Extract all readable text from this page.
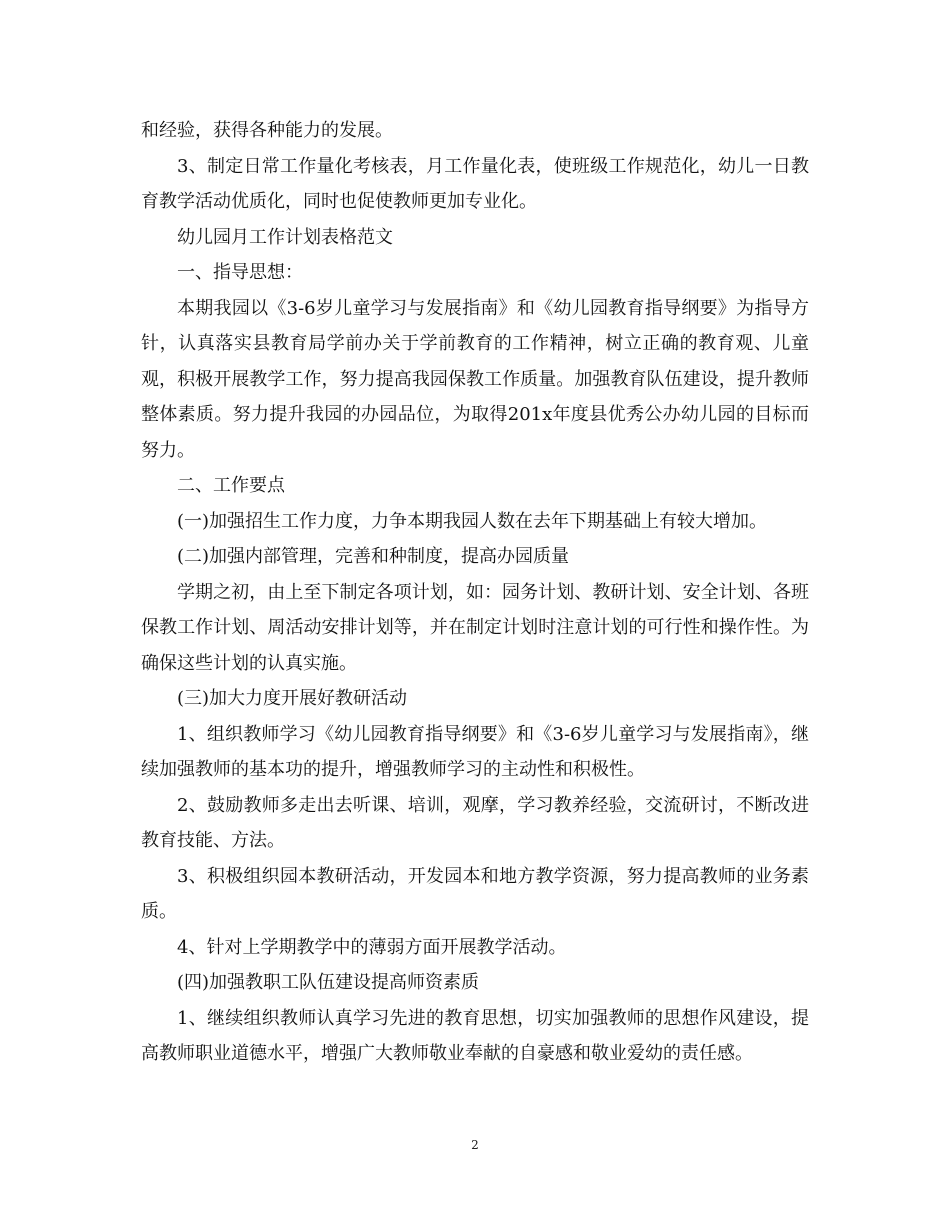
和经验，获得各种能力的发展。

3、制定日常工作量化考核表，月工作量化表，使班级工作规范化，幼儿一日教育教学活动优质化，同时也促使教师更加专业化。

幼儿园月工作计划表格范文

一、指导思想：

本期我园以《3-6岁儿童学习与发展指南》和《幼儿园教育指导纲要》为指导方针，认真落实县教育局学前办关于学前教育的工作精神，树立正确的教育观、儿童观，积极开展教学工作，努力提高我园保教工作质量。加强教育队伍建设，提升教师整体素质。努力提升我园的办园品位，为取得201x年度县优秀公办幼儿园的目标而努力。

二、工作要点

(一)加强招生工作力度，力争本期我园人数在去年下期基础上有较大增加。

(二)加强内部管理，完善和种制度，提高办园质量

学期之初，由上至下制定各项计划，如：园务计划、教研计划、安全计划、各班保教工作计划、周活动安排计划等，并在制定计划时注意计划的可行性和操作性。为确保这些计划的认真实施。

(三)加大力度开展好教研活动

1、组织教师学习《幼儿园教育指导纲要》和《3-6岁儿童学习与发展指南》，继续加强教师的基本功的提升，增强教师学习的主动性和积极性。

2、鼓励教师多走出去听课、培训，观摩，学习教养经验，交流研讨，不断改进教育技能、方法。

3、积极组织园本教研活动，开发园本和地方教学资源，努力提高教师的业务素质。

4、针对上学期教学中的薄弱方面开展教学活动。

(四)加强教职工队伍建设提高师资素质

1、继续组织教师认真学习先进的教育思想，切实加强教师的思想作风建设，提高教师职业道德水平，增强广大教师敬业奉献的自豪感和敬业爱幼的责任感。

2
